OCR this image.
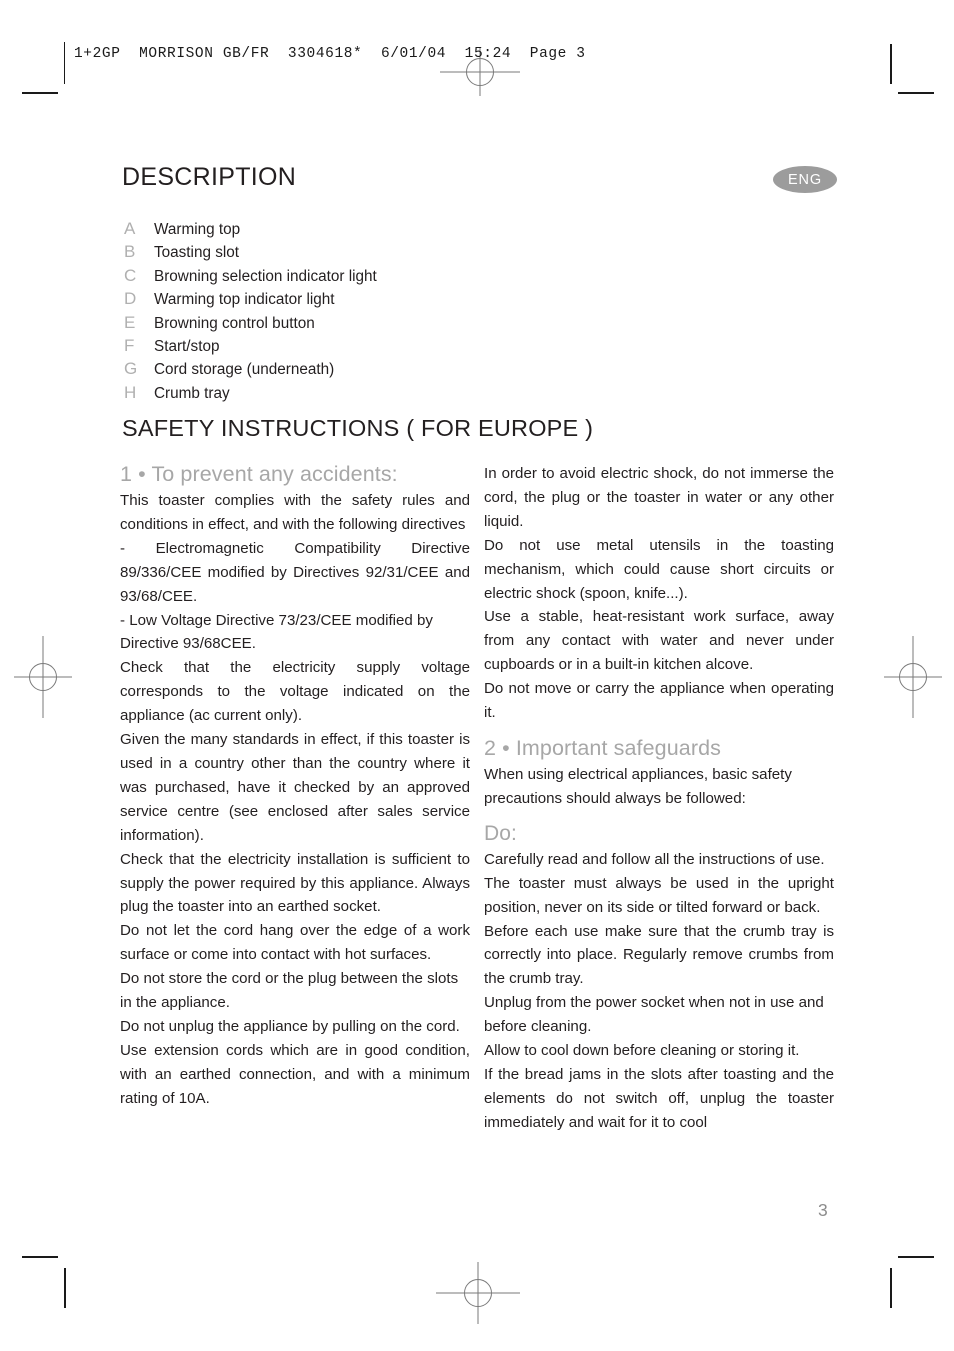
1+2GP  MORRISON GB/FR  3304618*  6/01/04  15:24  Page 3
DESCRIPTION	ENG
A	Warming top
B	Toasting slot
C	Browning selection indicator light
D	Warming top indicator light
E	Browning control button
F	Start/stop
G	Cord storage (underneath)
H	Crumb tray
SAFETY INSTRUCTIONS ( FOR EUROPE )
1 • To prevent any accidents:

This toaster complies with the safety rules and conditions in effect, and with the following directives

- Electromagnetic Compatibility Directive 89/336/CEE modified by Directives 92/31/CEE and 93/68/CEE.

- Low Voltage Directive 73/23/CEE modified by Directive 93/68CEE.

Check that the electricity supply voltage corresponds to the voltage indicated on the appliance (ac current only).

Given the many standards in effect, if this toaster is used in a country other than the country where it was purchased, have it checked by an approved service centre (see enclosed after sales service information).

Check that the electricity installation is sufficient to supply the power required by this appliance. Always plug the toaster into an earthed socket.

Do not let the cord hang over the edge of a work surface or come into contact with hot surfaces.

Do not store the cord or the plug between the slots in the appliance.

Do not unplug the appliance by pulling on the cord.

Use extension cords which are in good condition, with an earthed connection, and with a minimum rating of 10A.

In order to avoid electric shock, do not immerse the cord, the plug or the toaster in water or any other liquid.

Do not use metal utensils in the toasting mechanism, which could cause short circuits or electric shock (spoon, knife...).

Use a stable, heat-resistant work surface, away from any contact with water and never under cupboards or in a built-in kitchen alcove.

Do not move or carry the appliance when operating it.

2 • Important safeguards

When using electrical appliances, basic safety precautions should always be followed:

Do:

Carefully read and follow all the instructions of use.

The toaster must always be used in the upright position, never on its side or tilted forward or back.

Before each use make sure that the crumb tray is correctly into place. Regularly remove crumbs from the crumb tray.

Unplug from the power socket when not in use and before cleaning.

Allow to cool down before cleaning or storing it.

If the bread jams in the slots after toasting and the elements do not switch off, unplug the toaster immediately and wait for it to cool

3
